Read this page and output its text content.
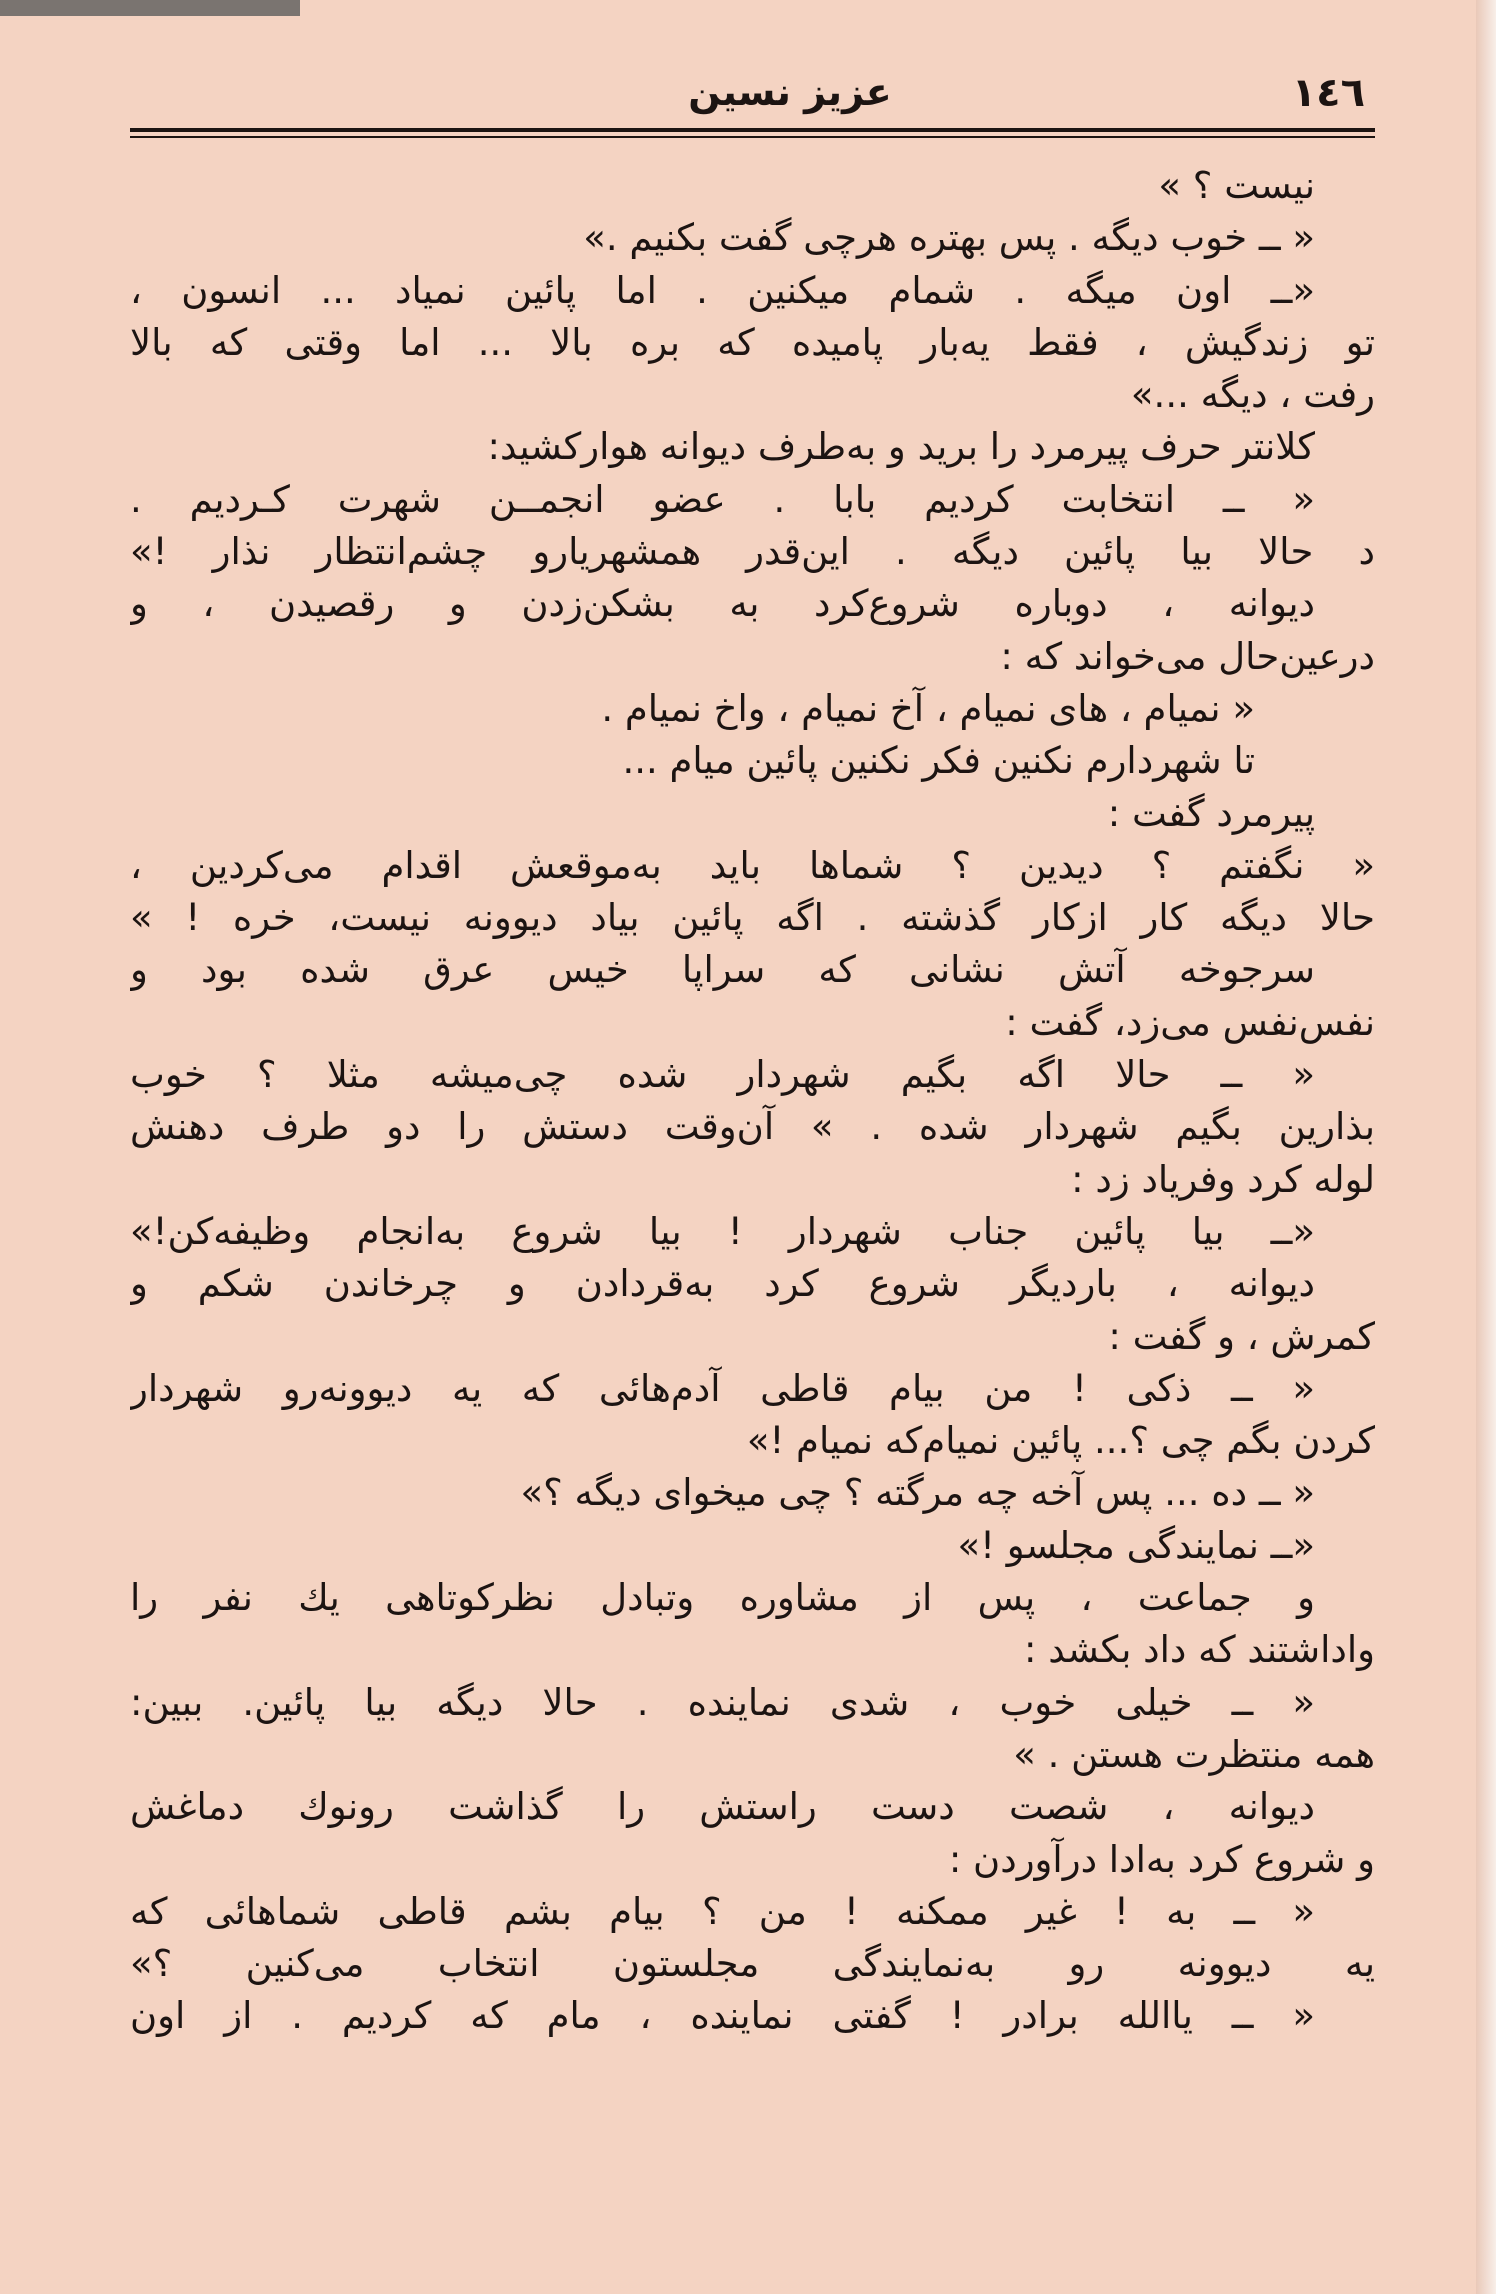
١٤٦
عزیز نسین
نیست ؟ »
« ــ خوب دیگه . پس بهتره هرچی گفت بکنیم .»
«ــ اون میگه . شمام میکنین . اما پائین نمیاد ... انسون ،
تو زندگیش ، فقط یه‌بار پامیده که بره بالا ... اما وقتی که بالا
رفت ، دیگه ...»
کلانتر حرف پیرمرد را برید و به‌طرف دیوانه هوارکشید:
« ــ انتخابت کردیم بابا . عضو انجمــن شهرت کـردیم .
د حالا بیا پائین دیگه . این‌قدر همشهریارو چشم‌انتظار نذار !»
دیوانه ، دوباره شروع‌کرد به بشکن‌زدن و رقصیدن ، و
درعین‌حال می‌خواند که :
« نمیام ، های نمیام ، آخ نمیام ، واخ نمیام .
تا شهردارم نکنین فکر نکنین پائین میام ...
پیرمرد گفت :
« نگفتم ؟ دیدین ؟ شماها باید به‌موقعش اقدام می‌کردین ،
حالا دیگه کار ازکار گذشته . اگه پائین بیاد دیوونه نیست، خره ! »
سرجوخه آتش نشانی که سراپا خیس عرق شده بود و
نفس‌نفس می‌زد، گفت :
« ــ حالا اگه بگیم شهردار شده چی‌میشه مثلا ؟ خوب
بذارین بگیم شهردار شده . » آن‌وقت دستش را دو طرف دهنش
لوله کرد وفریاد زد :
«ــ بیا پائین جناب شهردار ! بیا شروع به‌انجام وظیفه‌کن!»
دیوانه ، باردیگر شروع کرد به‌قردادن و چرخاندن شکم و
کمرش ، و گفت :
« ــ ذکی ! من بیام قاطی آدم‌هائی که یه دیوونه‌رو شهردار
کردن بگم چی ؟... پائین نمیام‌که نمیام !»
« ــ ده ... پس آخه چه مرگته ؟ چی میخوای دیگه ؟»
«ــ نمایندگی مجلسو !»
و جماعت ، پس از مشاوره وتبادل نظرکوتاهی یك نفر را
واداشتند که داد بکشد :
« ــ خیلی خوب ، شدی نماینده . حالا دیگه بیا پائین. ببین:
همه منتظرت هستن . »
دیوانه ، شصت دست راستش را گذاشت رونوك دماغش
و شروع کرد به‌ادا درآوردن :
« ــ به ! غیر ممکنه ! من ؟ بیام بشم قاطی شماهائی که
یه دیوونه رو به‌نمایندگی مجلستون انتخاب می‌کنین ؟»
« ــ یاالله برادر ! گفتی نماینده ، مام که کردیم . از اون
